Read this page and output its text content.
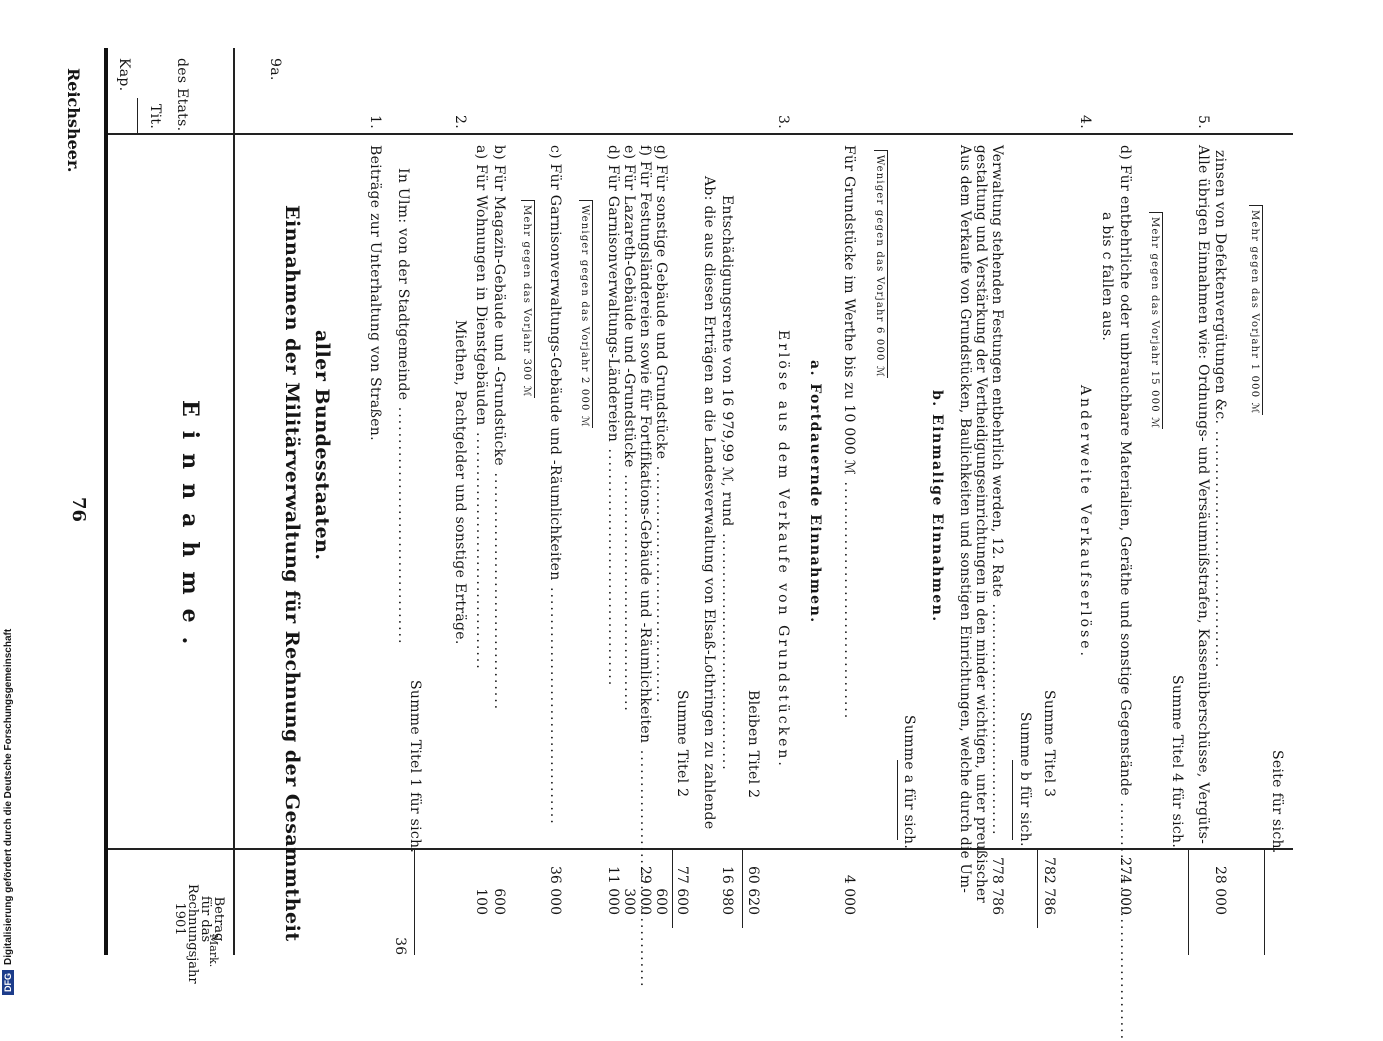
Reichsheer.
76
Kap.
Tit. des Etats.
Betrag
für das
Rechnungsjahr
1901
Mark.
Einnahme.	Einnahmen der Militärverwaltung für Rechnung der Gesammtheit aller Bundesstaaten.
9a.
1.
Beiträge zur Unterhaltung von Straßen. In Ulm: von der Stadtgemeinde .....
Summe Titel 1 für sich.
36
2.
Miethen, Pachtgelder und sonstige Erträge.
a) Für Wohnungen in Dienstgebäuden .....
100
b) Für Magazin-Gebäude und -Grundstücke .....
600
Mehr gegen das Vorjahr 300 ℳ c) Für Garnisonverwaltungs-Gebäude und -Räumlichkeiten .....
36 000
Weniger gegen das Vorjahr 2 000 ℳ d) Für Garnisonverwaltungs-Ländereien .....
11 000
e) Für Lazareth-Gebäude und -Grundstücke .....
300
f) Für Festungsländereien sowie für Fortifikations-Gebäude und -Räumlichkeiten .....
29 000
g) Für sonstige Gebäude und Grundstücke .....
600
Summe Titel 2
77 600
Ab: die aus diesen Erträgen an die Landesverwaltung von Elsaß-Lothringen zu zahlende Entschädigungsrente von 16 979,99 ℳ, rund .....
16 980
Bleiben Titel 2
60 620
3.
Erlöse aus dem Verkaufe von Grundstücken. a. Fortdauernde Einnahmen.
Für Grundstücke im Werthe bis zu 10 000 ℳ .....
4 000
Weniger gegen das Vorjahr 6 000 ℳ
Summe a für sich.
b. Einmalige Einnahmen. Aus dem Verkaufe von Grundstücken, Baulichkeiten und sonstigen Einrichtungen, welche durch die Um- gestaltung und Verstärkung der Vertheidigungseinrichtungen in den minder wichtigen, unter preußischer Verwaltung stehenden Festungen entbehrlich werden, 12. Rate .....
778 786
Summe b für sich. Summe Titel 3
782 786
4.
Anderweite Verkaufserlöse.
a bis c fallen aus. d) Für entbehrliche oder unbrauchbare Materialien, Geräthe und sonstige Gegenstände .....
274 000
Mehr gegen das Vorjahr 15 000 ℳ
Summe Titel 4 für sich.
5.
Alle übrigen Einnahmen wie: Ordnungs- und Versäumnißstrafen, Kassenüberschüsse, Vergüts- zinsen von Defektenvergütungen &c. .....
28 000
Mehr gegen das Vorjahr 1 000 ℳ
Seite für sich.
DFGDigitalisierung gefördert durch die Deutsche Forschungsgemeinschaft
